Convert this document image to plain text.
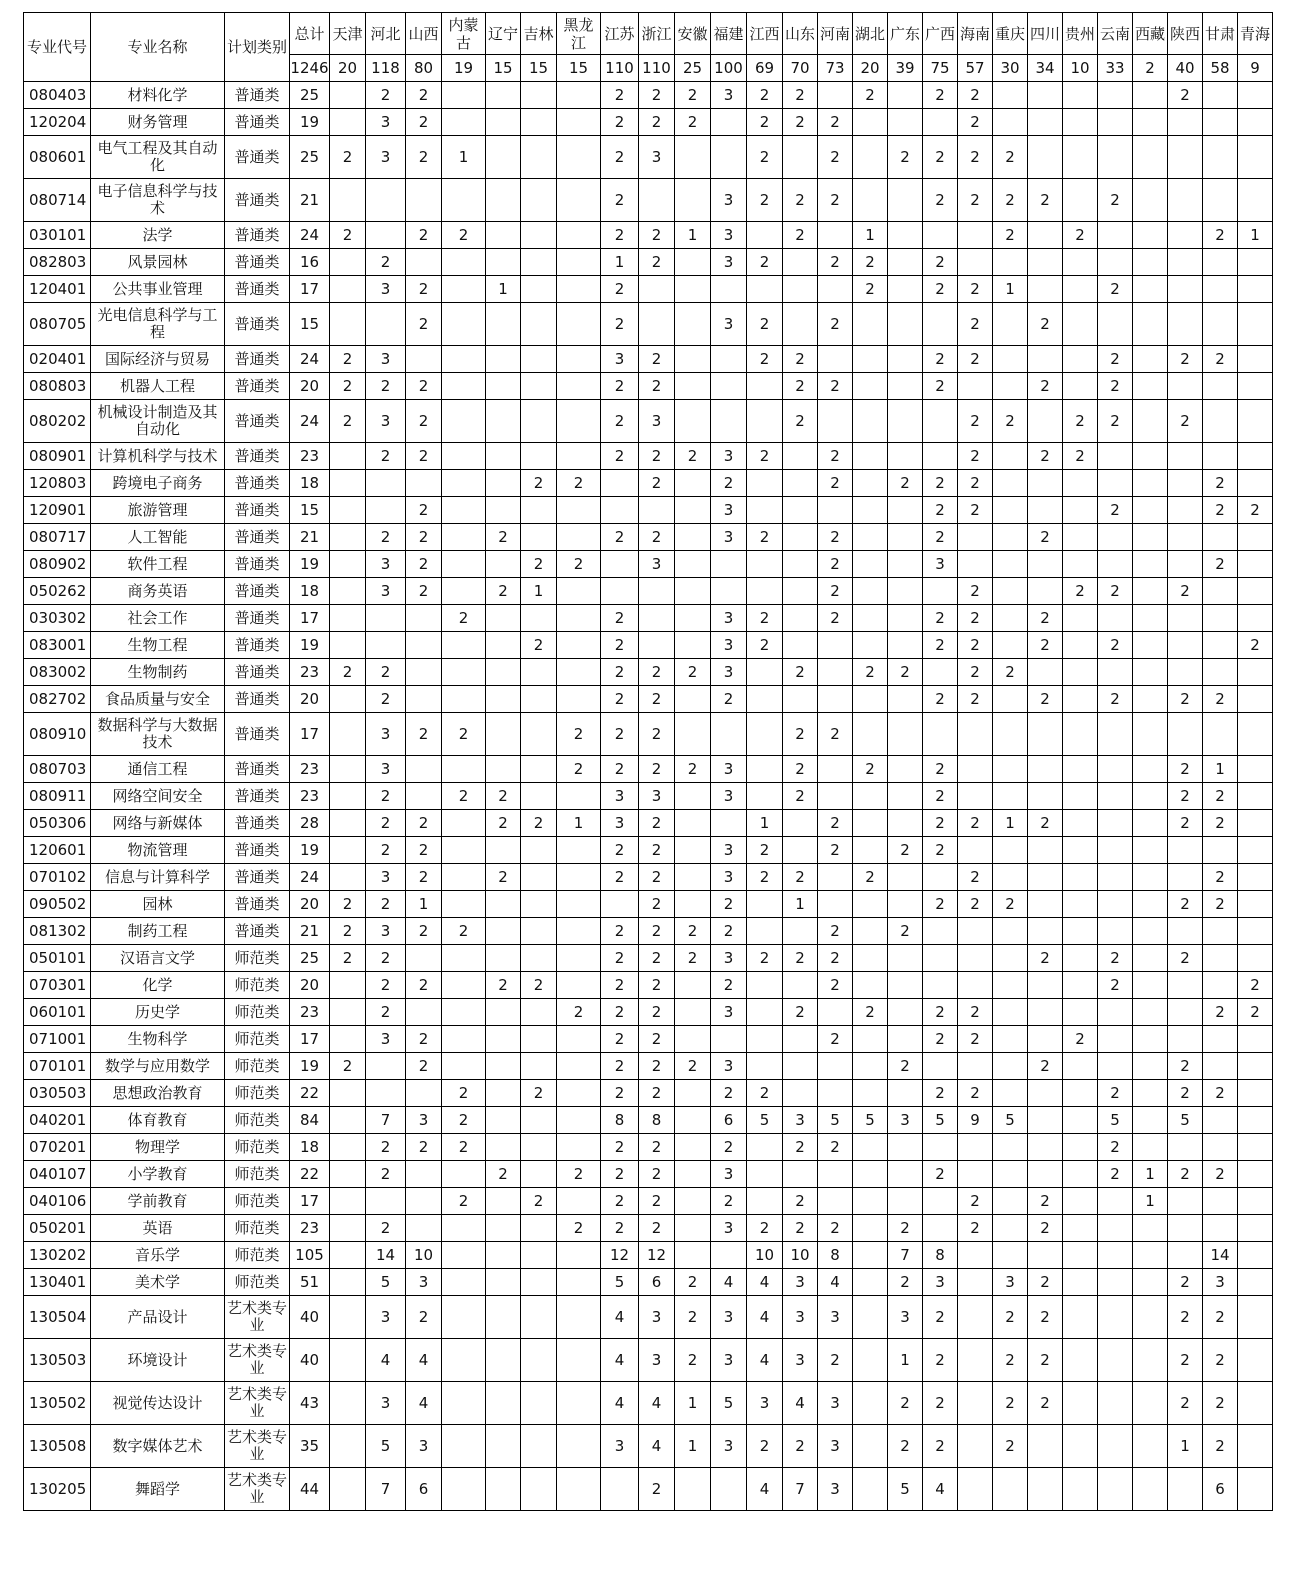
专业代号	专业名称	计划类别	总计	天津	河北	山西	内蒙古	辽宁	吉林	黑龙江	江苏	浙江	安徽	福建	江西	山东	河南	湖北	广东	广西	海南	重庆	四川	贵州	云南	西藏	陕西	甘肃	青海
			1246	20	118	80	19	15	15	15	110	110	25	100	69	70	73	20	39	75	57	30	34	10	33	2	40	58	9
080403	材料化学	普通类	25		2	2					2	2	2	3	2	2		2		2	2						2		
120204	财务管理	普通类	19		3	2					2	2	2		2	2	2				2								
080601	电气工程及其自动化	普通类	25	2	3	2	1				2	3			2		2		2	2	2	2							
080714	电子信息科学与技术	普通类	21								2			3	2	2	2			2	2	2	2		2				
030101	法学	普通类	24	2		2	2				2	2	1	3		2		1				2		2				2	1
082803	风景园林	普通类	16		2						1	2		3	2		2	2		2									
120401	公共事业管理	普通类	17		3	2		1			2							2		2	2	1			2				
080705	光电信息科学与工程	普通类	15			2					2			3	2		2				2		2						
020401	国际经济与贸易	普通类	24	2	3						3	2			2	2				2	2				2		2	2	
080803	机器人工程	普通类	20	2	2	2					2	2				2	2			2			2		2				
080202	机械设计制造及其自动化	普通类	24	2	3	2					2	3				2					2	2		2	2		2		
080901	计算机科学与技术	普通类	23		2	2					2	2	2	3	2		2				2		2	2					
120803	跨境电子商务	普通类	18						2	2		2		2			2		2	2	2							2	
120901	旅游管理	普通类	15			2								3						2	2				2			2	2
080717	人工智能	普通类	21		2	2		2			2	2		3	2		2			2			2						
080902	软件工程	普通类	19		3	2			2	2		3					2			3								2	
050262	商务英语	普通类	18		3	2		2	1								2				2			2	2		2		
030302	社会工作	普通类	17				2				2			3	2		2			2	2		2						
083001	生物工程	普通类	19						2		2			3	2					2	2		2		2				2
083002	生物制药	普通类	23	2	2						2	2	2	3		2		2	2		2	2							
082702	食品质量与安全	普通类	20		2						2	2		2						2	2		2		2		2	2	
080910	数据科学与大数据技术	普通类	17		3	2	2			2	2	2				2	2												
080703	通信工程	普通类	23		3					2	2	2	2	3		2		2		2							2	1	
080911	网络空间安全	普通类	23		2		2	2			3	3		3		2				2							2	2	
050306	网络与新媒体	普通类	28		2	2		2	2	1	3	2			1		2			2	2	1	2				2	2	
120601	物流管理	普通类	19		2	2					2	2		3	2		2		2	2									
070102	信息与计算科学	普通类	24		3	2		2			2	2		3	2	2		2			2							2	
090502	园林	普通类	20	2	2	1						2		2		1				2	2	2					2	2	
081302	制药工程	普通类	21	2	3	2	2				2	2	2	2			2		2										
050101	汉语言文学	师范类	25	2	2						2	2	2	3	2	2	2						2		2		2		
070301	化学	师范类	20		2	2		2	2		2	2		2			2								2				2
060101	历史学	师范类	23		2					2	2	2		3		2		2		2	2							2	2
071001	生物科学	师范类	17		3	2					2	2					2			2	2			2					
070101	数学与应用数学	师范类	19	2		2					2	2	2	3					2				2				2		
030503	思想政治教育	师范类	22				2		2		2	2		2	2					2	2				2		2	2	
040201	体育教育	师范类	84		7	3	2				8	8		6	5	3	5	5	3	5	9	5			5		5		
070201	物理学	师范类	18		2	2	2				2	2		2		2	2								2				
040107	小学教育	师范类	22		2			2		2	2	2		3						2					2	1	2	2	
040106	学前教育	师范类	17				2		2		2	2		2		2					2		2			1			
050201	英语	师范类	23		2					2	2	2		3	2	2	2		2		2		2						
130202	音乐学	师范类	105		14	10					12	12			10	10	8		7	8								14	
130401	美术学	师范类	51		5	3					5	6	2	4	4	3	4		2	3		3	2				2	3	
130504	产品设计	艺术类专业	40		3	2					4	3	2	3	4	3	3		3	2		2	2				2	2	
130503	环境设计	艺术类专业	40		4	4					4	3	2	3	4	3	2		1	2		2	2				2	2	
130502	视觉传达设计	艺术类专业	43		3	4					4	4	1	5	3	4	3		2	2		2	2				2	2	
130508	数字媒体艺术	艺术类专业	35		5	3					3	4	1	3	2	2	3		2	2		2					1	2	
130205	舞蹈学	艺术类专业	44		7	6						2			4	7	3		5	4								6	
